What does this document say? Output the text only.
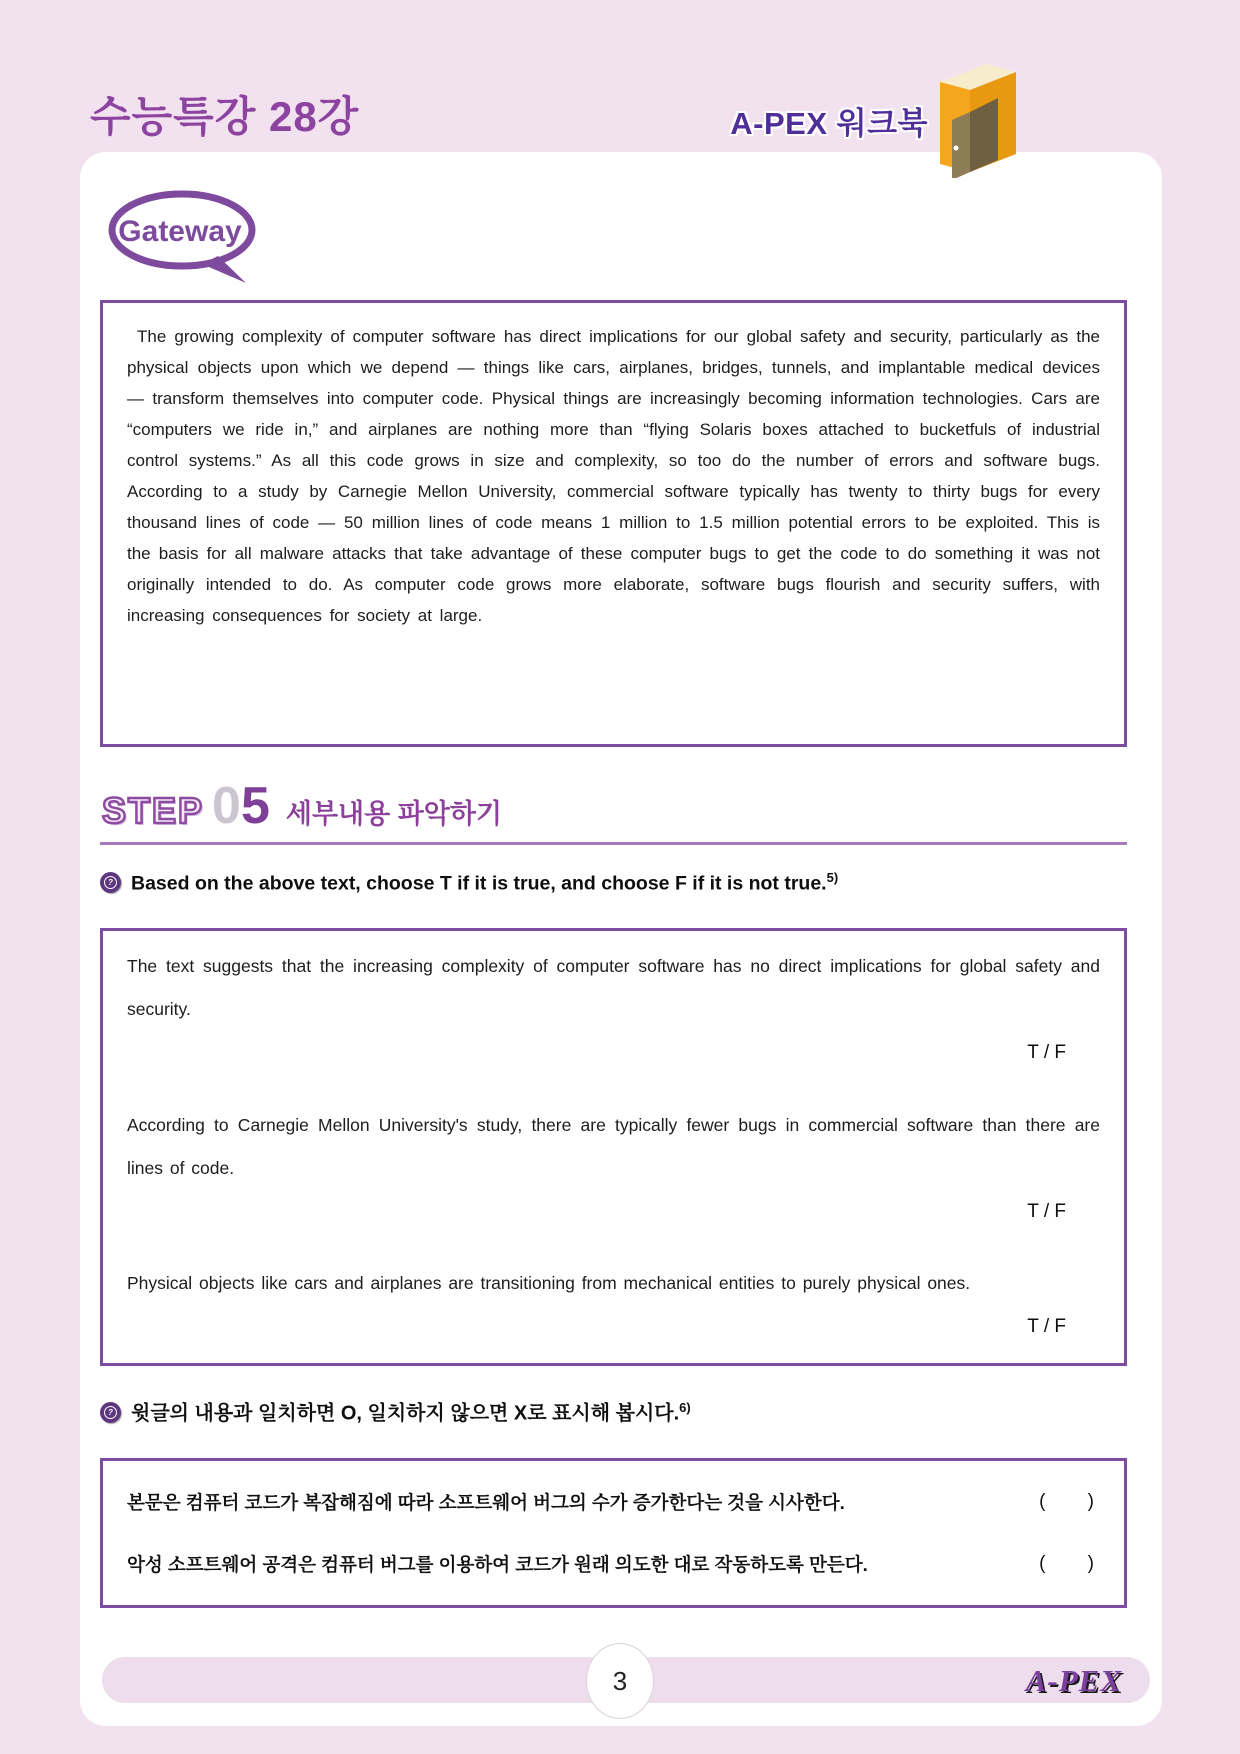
수능특강 28강	A-PEX 워크북
Gateway
The growing complexity of computer software has direct implications for our global safety and security, particularly as the physical objects upon which we depend — things like cars, airplanes, bridges, tunnels, and implantable medical devices — transform themselves into computer code. Physical things are increasingly becoming information technologies. Cars are “computers we ride in,” and airplanes are nothing more than “flying Solaris boxes attached to bucketfuls of industrial control systems.” As all this code grows in size and complexity, so too do the number of errors and software bugs. According to a study by Carnegie Mellon University, commercial software typically has twenty to thirty bugs for every thousand lines of code — 50 million lines of code means 1 million to 1.5 million potential errors to be exploited. This is the basis for all malware attacks that take advantage of these computer bugs to get the code to do something it was not originally intended to do. As computer code grows more elaborate, software bugs flourish and security suffers, with increasing consequences for society at large.
STEP 0 5 세부내용 파악하기
?
Based on the above text, choose T if it is true, and choose F if it is not true.$^{5)}$
The text suggests that the increasing complexity of computer software has no direct implications for global safety and security.
T / F
According to Carnegie Mellon University's study, there are typically fewer bugs in commercial software than there are lines of code.
T / F
Physical objects like cars and airplanes are transitioning from mechanical entities to purely physical ones.
T / F
?
윗글의 내용과 일치하면 O, 일치하지 않으면 X로 표시해 봅시다.$^{6)}$
본문은 컴퓨터 코드가 복잡해짐에 따라 소프트웨어 버그의 수가 증가한다는 것을 시사한다.	(        )
악성 소프트웨어 공격은 컴퓨터 버그를 이용하여 코드가 원래 의도한 대로 작동하도록 만든다.	(        )
A-PEX
3
